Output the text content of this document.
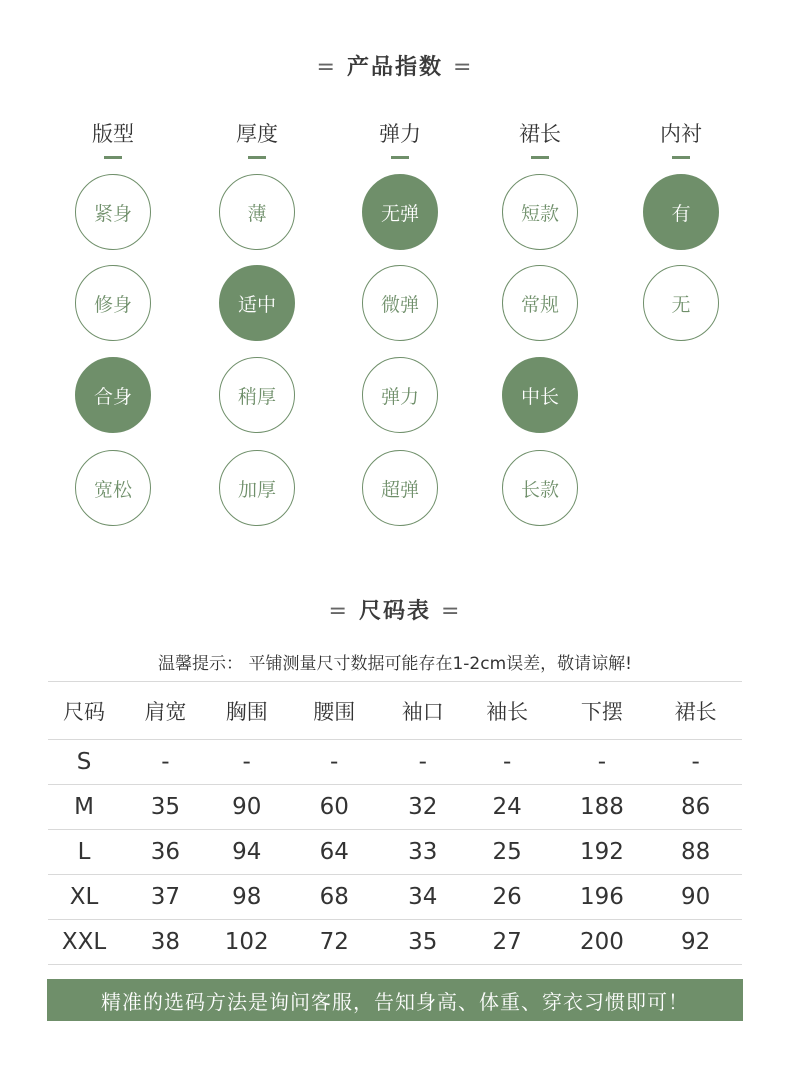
= 产品指数 =
版型
紧身
修身
合身
宽松
厚度
薄
适中
稍厚
加厚
弹力
无弹
微弹
弹力
超弹
裙长
短款
常规
中长
长款
内衬
有
无
= 尺码表 =
温馨提示： 平铺测量尺寸数据可能存在1-2cm误差，敬请谅解!
尺码	肩宽	胸围	腰围	袖口	袖长	下摆	裙长
S	-	-	-	-	-	-	-
M	35	90	60	32	24	188	86
L	36	94	64	33	25	192	88
XL	37	98	68	34	26	196	90
XXL	38	102	72	35	27	200	92
精准的选码方法是询问客服，告知身高、体重、穿衣习惯即可！
